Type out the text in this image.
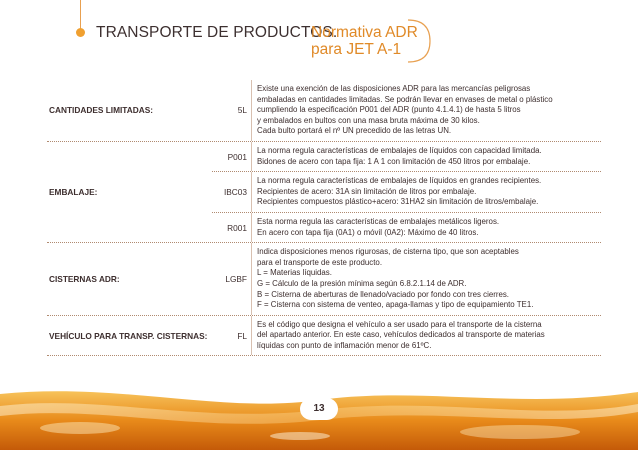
TRANSPORTE DE PRODUCTOS.
Normativa ADR
para JET A-1
CANTIDADES LIMITADAS:	5L
Existe una exención de las disposiciones ADR para las mercancías peligrosas
embaladas en cantidades limitadas. Se podrán llevar en envases de metal o plástico
cumpliendo la especificación P001 del ADR (punto 4.1.4.1) de hasta 5 litros
y embalados en bultos con una masa bruta máxima de 30 kilos.
Cada bulto portará el nº UN precedido de las letras UN.
EMBALAJE:
P001
La norma regula características de embalajes de líquidos con capacidad limitada.
Bidones de acero con tapa fija: 1 A 1 con limitación de 450 litros por embalaje.
IBC03
La norma regula características de embalajes de líquidos en grandes recipientes.
Recipientes de acero: 31A sin limitación de litros por embalaje.
Recipientes compuestos plástico+acero: 31HA2 sin limitación de litros/embalaje.
R001
Esta norma regula las características de embalajes metálicos ligeros.
En acero con tapa fija (0A1) o móvil (0A2): Máximo de 40 litros.
CISTERNAS ADR:	LGBF
Indica disposiciones menos rigurosas, de cisterna tipo, que son aceptables
para el transporte de este producto.
L = Materias líquidas.
G = Cálculo de la presión mínima según 6.8.2.1.14 de ADR.
B = Cisterna de aberturas de llenado/vaciado por fondo con tres cierres.
F = Cisterna con sistema de venteo, apaga-llamas y tipo de equipamiento TE1.
VEHÍCULO PARA TRANSP. CISTERNAS:	FL
Es el código que designa el vehículo a ser usado para el transporte de la cisterna
del apartado anterior. En este caso, vehículos dedicados al transporte de materias
líquidas con punto de inflamación menor de 61ºC.
13
